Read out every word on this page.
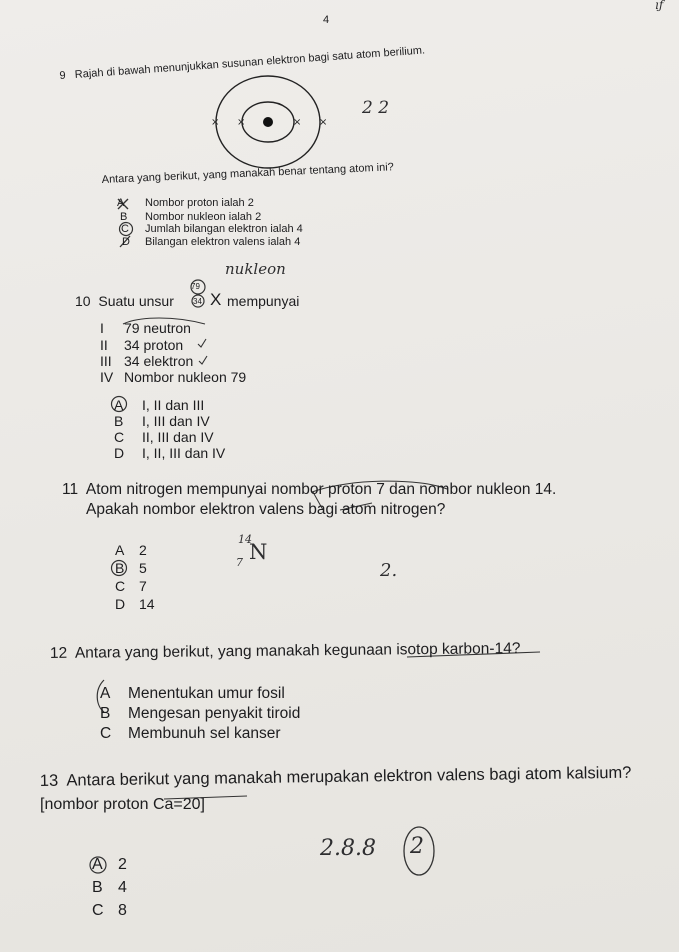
4
ıƒ
9 Rajah di bawah menunjukkan susunan elektron bagi satu atom berilium.
×	×
×	×
2 2
Antara yang berikut, yang manakah benar tentang atom ini?
A Nombor proton ialah 2
B Nombor nukleon ialah 2
C Jumlah bilangan elektron ialah 4
D Bilangan elektron valens ialah 4
nukleon
79
34
10 Suatu unsur X mempunyai
I 79 neutron
II 34 proton
III 34 elektron
IV Nombor nukleon 79
A I, II dan III
B I, III dan IV
C II, III dan IV
D I, II, III dan IV
11 Atom nitrogen mempunyai nombor proton 7 dan nombor nukleon 14.
Apakah nombor elektron valens bagi atom nitrogen?
14
7 N
2.
A 2
B 5
C 7
D 14
12 Antara yang berikut, yang manakah kegunaan isotop karbon-14?
A Menentukan umur fosil
B Mengesan penyakit tiroid
C Membunuh sel kanser
13 Antara berikut yang manakah merupakan elektron valens bagi atom kalsium?
[nombor proton Ca=20]
2.8.8 2
A 2
B 4
C 8
